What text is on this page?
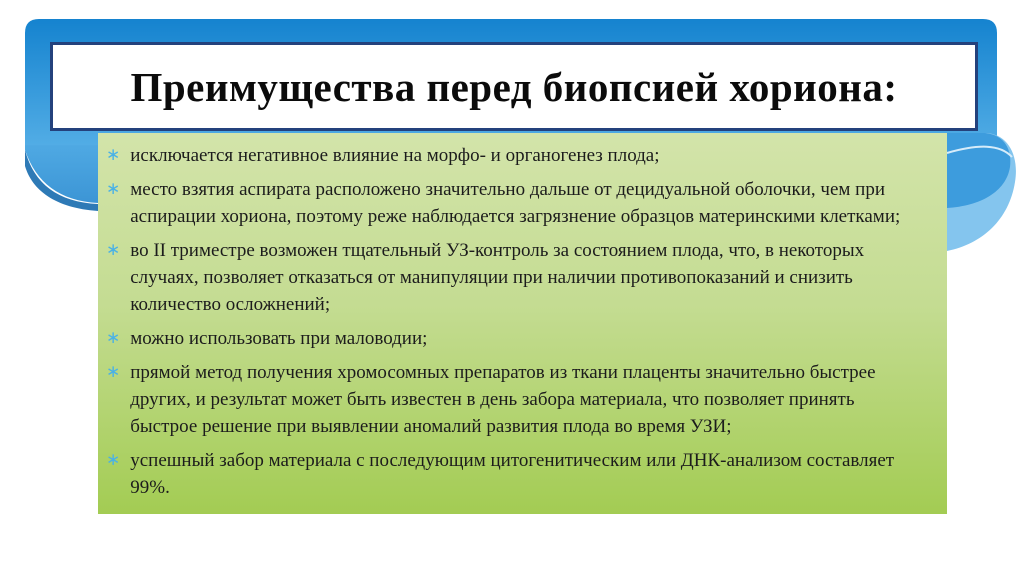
Преимущества перед биопсией хориона:
∗ исключается негативное влияние на морфо- и органогенез плода;
∗ место взятия аспирата расположено значительно дальше от децидуальной оболочки, чем при аспирации хориона, поэтому реже наблюдается загрязнение образцов материнскими клетками;
∗ во II триместре возможен тщательный УЗ-контроль за состоянием плода, что, в некоторых случаях, позволяет отказаться от манипуляции при наличии противопоказаний и снизить количество осложнений;
∗ можно использовать при маловодии;
∗ прямой метод получения хромосомных препаратов из ткани плаценты значительно быстрее других, и результат может быть известен в день забора материала, что позволяет принять быстрое решение при выявлении аномалий развития плода во время УЗИ;
∗ успешный забор материала с последующим цитогенитическим или ДНК-анализом составляет 99%.
